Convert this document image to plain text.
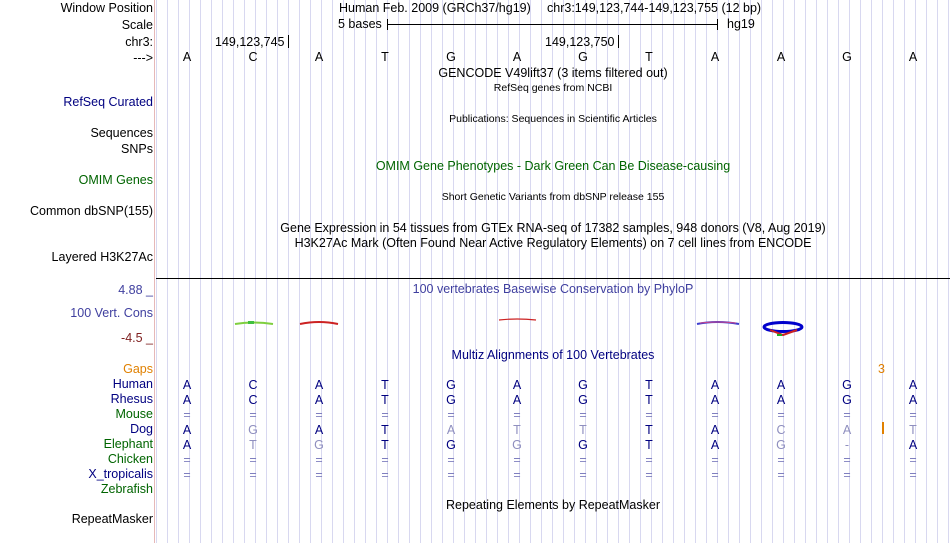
Window Position	Human Feb. 2009 (GRCh37/hg19) chr3:149,123,744-149,123,755 (12 bp)
Scale	5 bases	hg19
chr3:	149,123,745	149,123,750
---> A	C	A	T	G	A	G	T	A	A	G	A
GENCODE V49lift37 (3 items filtered out)
RefSeq genes from NCBI
RefSeq Curated
Publications: Sequences in Scientific Articles
Sequences
SNPs
OMIM Gene Phenotypes - Dark Green Can Be Disease-causing
OMIM Genes
Short Genetic Variants from dbSNP release 155
Common dbSNP(155)
Gene Expression in 54 tissues from GTEx RNA-seq of 17382 samples, 948 donors (V8, Aug 2019)
H3K27Ac Mark (Often Found Near Active Regulatory Elements) on 7 cell lines from ENCODE
Layered H3K27Ac
4.88 _	100 vertebrates Basewise Conservation by PhyloP
100 Vert. Cons
-4.5 _
Multiz Alignments of 100 Vertebrates
Gaps	3
Human A	C	A	T	G	A	G	T	A	A	G	A
Rhesus A	C	A	T	G	A	G	T	A	A	G	A
Mouse =	=	=	=	=	=	=	=	=	=	=	=
Dog A	G	A	T	A	T	T	T	A	C	A	T
Elephant A	T	G	T	G	G	G	T	A	G	-	A
Chicken =	=	=	=	=	=	=	=	=	=	=	=
X_tropicalis =	=	=	=	=	=	=	=	=	=	=	=
Zebrafish
Repeating Elements by RepeatMasker
RepeatMasker
